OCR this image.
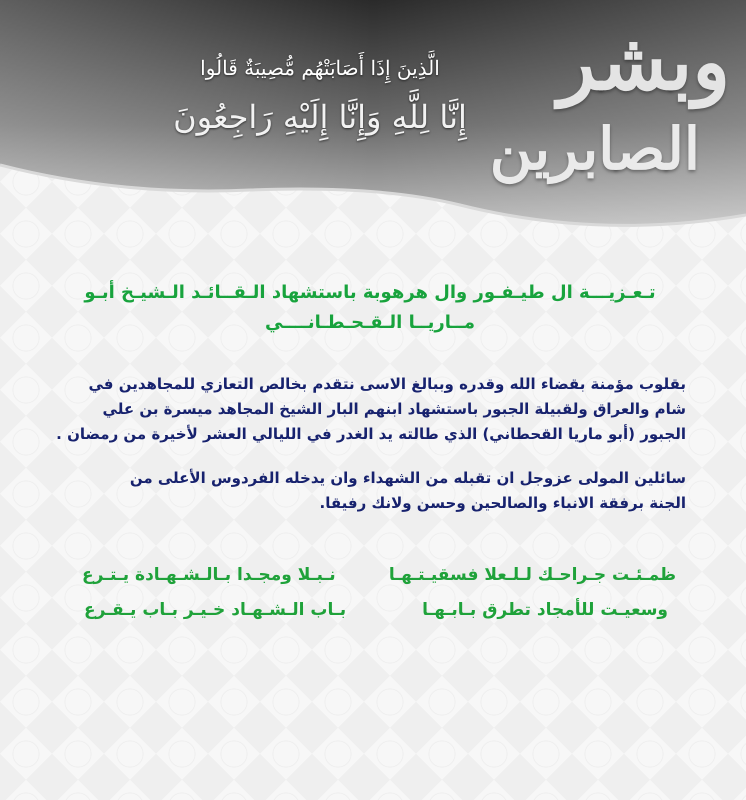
الَّذِينَ إِذَا أَصَابَتْهُم مُّصِيبَةٌ قَالُوا
إِنَّا لِلَّهِ وَإِنَّا إِلَيْهِ رَاجِعُونَ
وبشر
الصابرين
تـعـزيـــة ال طيـفـور وال هرهوبة باستشهاد الـقــائـد الـشيـخ أبـو مــاريــا الـقـحـطـانــــي
بقلوب مؤمنة بقضاء الله وقدره وببالغ الاسى نتقدم بخالص التعازي للمجاهدين في شام والعراق ولقبيلة الجبور باستشهاد ابنهم البار الشيخ المجاهد ميسرة بن علي الجبور (أبو ماريا القحطاني) الذي طالته يد الغدر في الليالي العشر لأخيرة من رمضان .
سائلين المولى عزوجل ان تقبله من الشهداء وان يدخله الفردوس الأعلى من الجنة برفقة الانباء والصالحين وحسن ولانك رفيقا.
ظمـئـت جـراحـك لـلـعلا فسقيـتـهـا
نـبـلا ومجـدا بـالـشـهـادة يـتـرع
وسعيـت للأمجاد تطرق بـابـهـا
بـاب الـشـهـاد خـيـر بـاب يـقـرع
